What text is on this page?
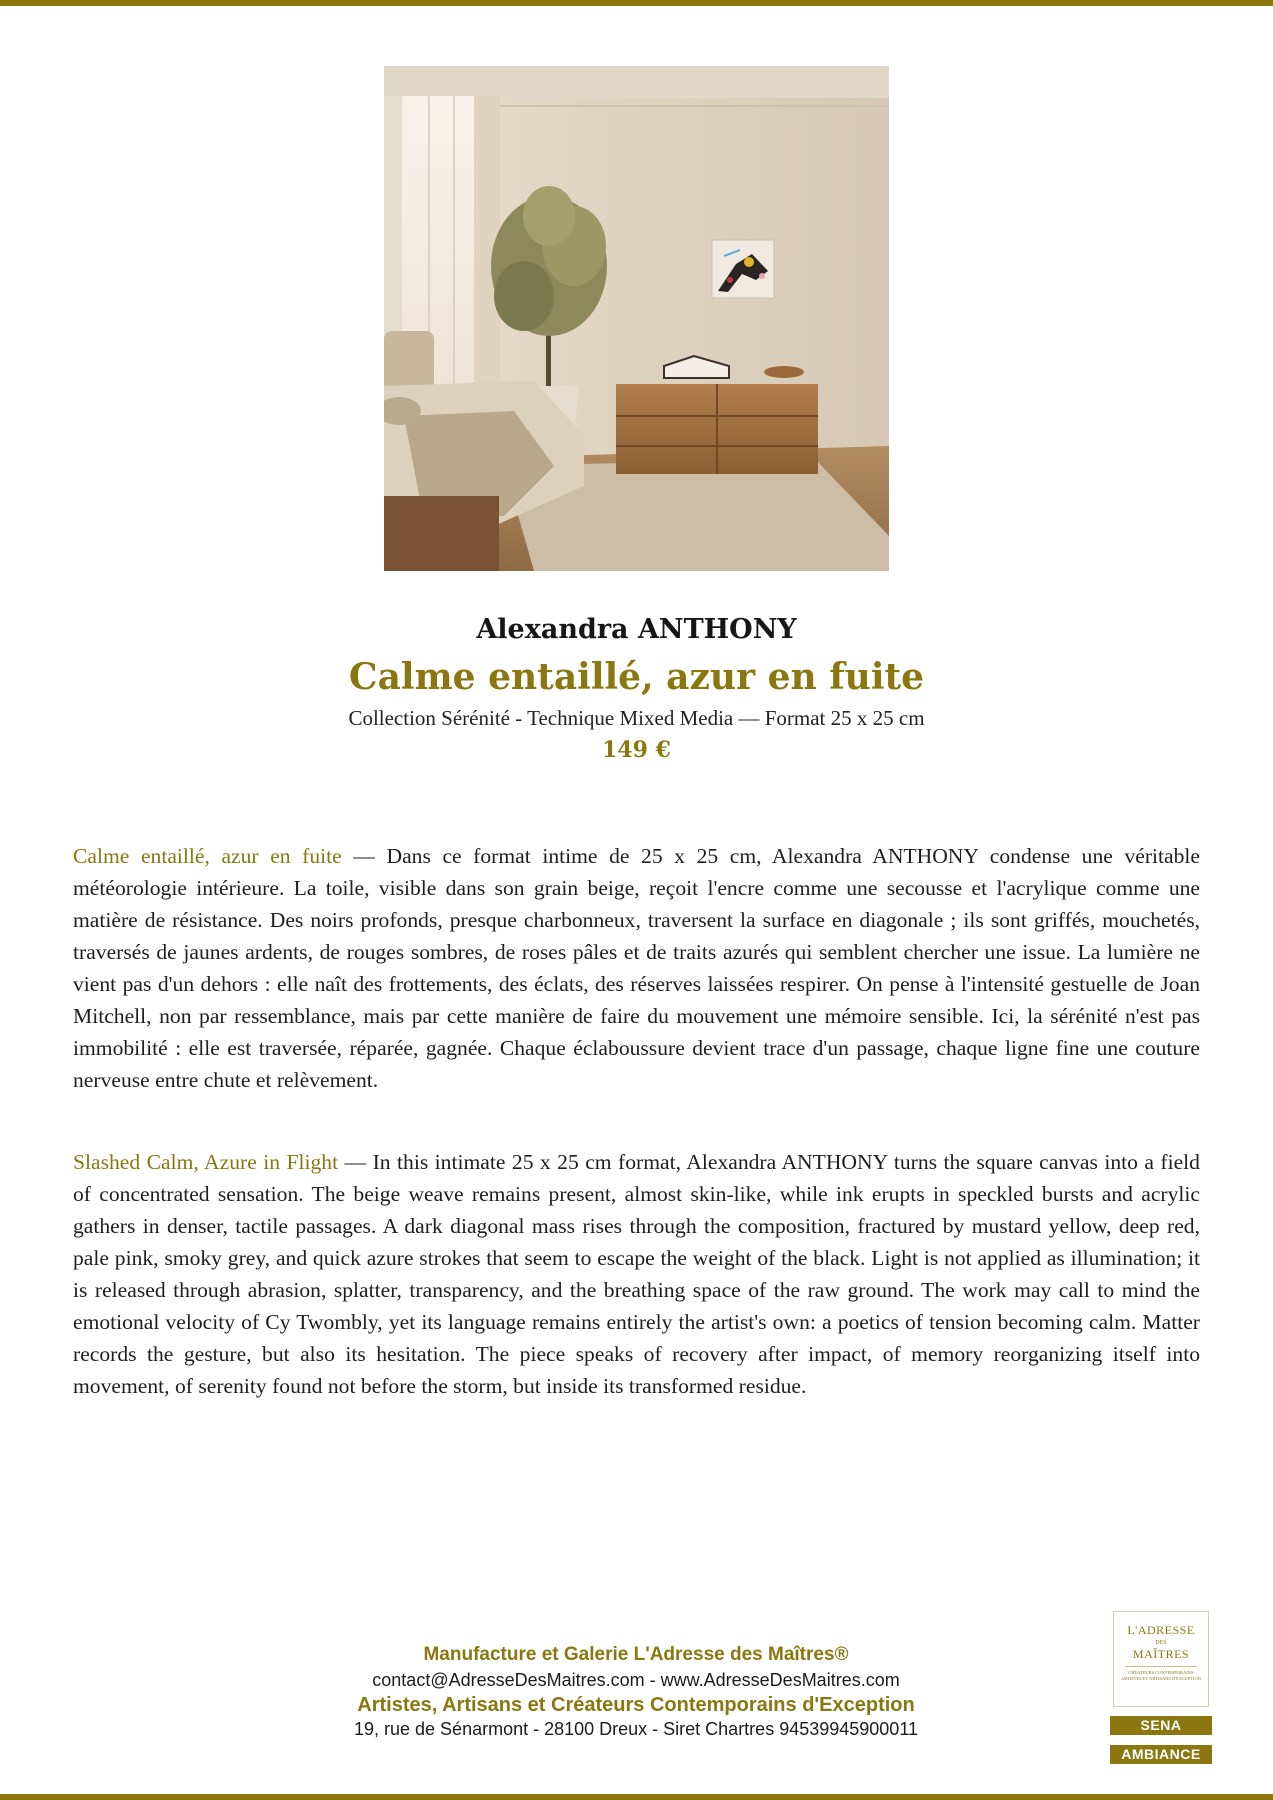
Alexandra ANTHONY
Calme entaillé, azur en fuite
Collection Sérénité - Technique Mixed Media — Format 25 x 25 cm
149 €

Calme entaillé, azur en fuite — Dans ce format intime de 25 x 25 cm, Alexandra ANTHONY condense une véritable météorologie intérieure. La toile, visible dans son grain beige, reçoit l'encre comme une secousse et l'acrylique comme une matière de résistance. Des noirs profonds, presque charbonneux, traversent la surface en diagonale ; ils sont griffés, mouchetés, traversés de jaunes ardents, de rouges sombres, de roses pâles et de traits azurés qui semblent chercher une issue. La lumière ne vient pas d'un dehors : elle naît des frottements, des éclats, des réserves laissées respirer. On pense à l'intensité gestuelle de Joan Mitchell, non par ressemblance, mais par cette manière de faire du mouvement une mémoire sensible. Ici, la sérénité n'est pas immobilité : elle est traversée, réparée, gagnée. Chaque éclaboussure devient trace d'un passage, chaque ligne fine une couture nerveuse entre chute et relèvement.

Slashed Calm, Azure in Flight — In this intimate 25 x 25 cm format, Alexandra ANTHONY turns the square canvas into a field of concentrated sensation. The beige weave remains present, almost skin-like, while ink erupts in speckled bursts and acrylic gathers in denser, tactile passages. A dark diagonal mass rises through the composition, fractured by mustard yellow, deep red, pale pink, smoky grey, and quick azure strokes that seem to escape the weight of the black. Light is not applied as illumination; it is released through abrasion, splatter, transparency, and the breathing space of the raw ground. The work may call to mind the emotional velocity of Cy Twombly, yet its language remains entirely the artist's own: a poetics of tension becoming calm. Matter records the gesture, but also its hesitation. The piece speaks of recovery after impact, of memory reorganizing itself into movement, of serenity found not before the storm, but inside its transformed residue.

Manufacture et Galerie L'Adresse des Maîtres®
contact@AdresseDesMaitres.com - www.AdresseDesMaitres.com
Artistes, Artisans et Créateurs Contemporains d'Exception
19, rue de Sénarmont - 28100 Dreux - Siret Chartres 94539945900011
L'ADRESSE
DES
MAÎTRES
CRÉATEURS CONTEMPORAINS ARTISTES ET ARTISANS D'EXCEPTION
SENA
AMBIANCE
